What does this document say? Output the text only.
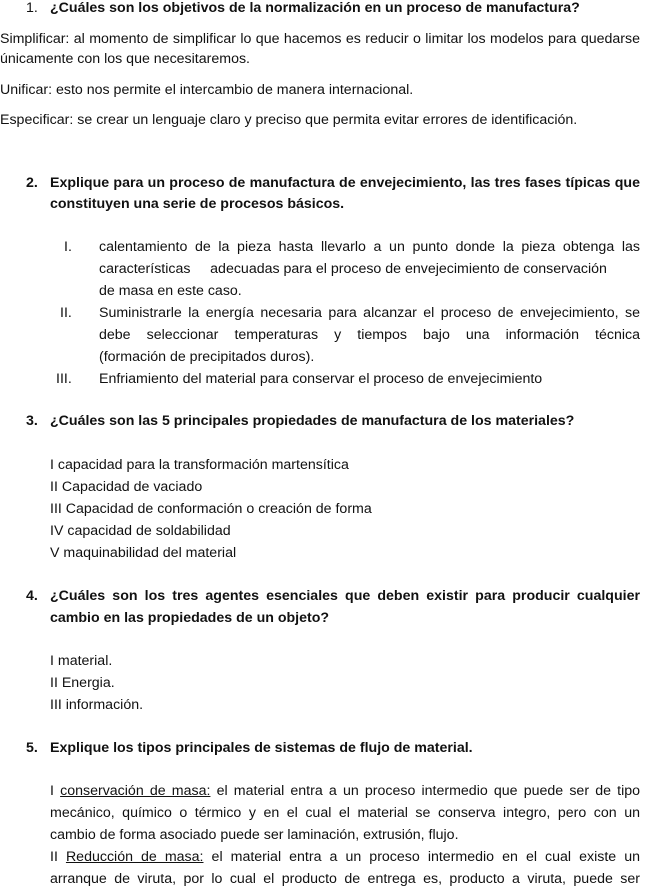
1. ¿Cuáles son los objetivos de la normalización en un proceso de manufactura?
Simplificar: al momento de simplificar lo que hacemos es reducir o limitar los modelos para quedarse
únicamente con los que necesitaremos.
Unificar: esto nos permite el intercambio de manera internacional.
Especificar: se crear un lenguaje claro y preciso que permita evitar errores de identificación.
2. Explique para un proceso de manufactura de envejecimiento, las tres fases típicas que
constituyen una serie de procesos básicos.
I. calentamiento de la pieza hasta llevarlo a un punto donde la pieza obtenga las
características     adecuadas para el proceso de envejecimiento de conservación
de masa en este caso.
II. Suministrarle la energía necesaria para alcanzar el proceso de envejecimiento, se
debe seleccionar temperaturas y tiempos bajo una información técnica
(formación de precipitados duros).
III. Enfriamiento del material para conservar el proceso de envejecimiento
3. ¿Cuáles son las 5 principales propiedades de manufactura de los materiales?
I capacidad para la transformación martensítica
II Capacidad de vaciado
III Capacidad de conformación o creación de forma
IV capacidad de soldabilidad
V maquinabilidad del material
4. ¿Cuáles son los tres agentes esenciales que deben existir para producir cualquier
cambio en las propiedades de un objeto?
I material.
II Energia.
III información.
5. Explique los tipos principales de sistemas de flujo de material.
I conservación de masa: el material entra a un proceso intermedio que puede ser de tipo
mecánico, químico o térmico y en el cual el material se conserva integro, pero con un
cambio de forma asociado puede ser laminación, extrusión, flujo.
II Reducción de masa: el material entra a un proceso intermedio en el cual existe un
arranque de viruta, por lo cual el producto de entrega es, producto a viruta, puede ser
